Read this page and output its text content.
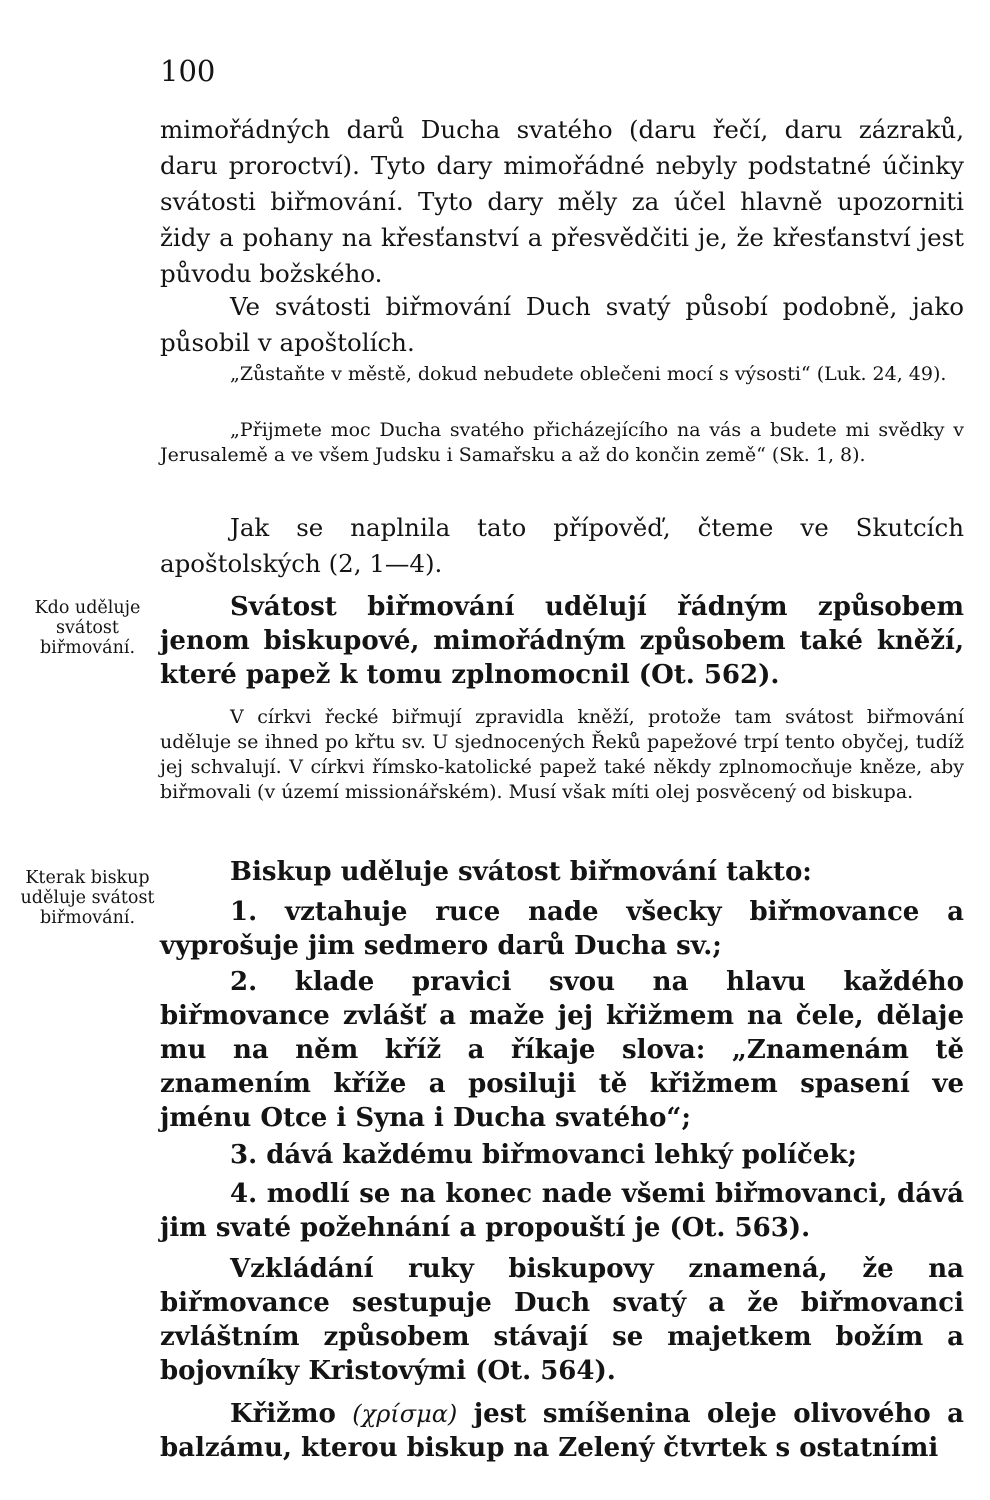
100

mimořádných darů Ducha svatého (daru řečí, daru zázraků, daru proroctví). Tyto dary mimořádné nebyly podstatné účinky svátosti biřmování. Tyto dary měly za účel hlavně upozorniti židy a pohany na křesťanství a přesvědčiti je, že křesťanství jest původu božského.

Ve svátosti biřmování Duch svatý působí podobně, jako působil v apoštolích.

„Zůstaňte v městě, dokud nebudete oblečeni mocí s výsosti“ (Luk. 24, 49).

„Přijmete moc Ducha svatého přicházejícího na vás a budete mi svědky v Jerusalemě a ve všem Judsku i Samařsku a až do končin země“ (Sk. 1, 8).

Jak se naplnila tato přípověď, čteme ve Skutcích apoštolských (2, 1—4).

Kdo uděluje svátost biřmování.

Svátost biřmování udělují řádným způsobem jenom biskupové, mimořádným způsobem také kněží, které papež k tomu zplnomocnil (Ot. 562).

V církvi řecké biřmují zpravidla kněží, protože tam svátost biřmování uděluje se ihned po křtu sv. U sjednocených Řeků papežové trpí tento obyčej, tudíž jej schvalují. V církvi římsko-katolické papež také někdy zplnomocňuje kněze, aby biřmovali (v území missionářském). Musí však míti olej posvěcený od biskupa.

Kterak biskup uděluje svátost biřmování.

Biskup uděluje svátost biřmování takto:

1. vztahuje ruce nade všecky biřmovance a vyprošuje jim sedmero darů Ducha sv.;

2. klade pravici svou na hlavu každého biřmovance zvlášť a maže jej křižmem na čele, dělaje mu na něm kříž a říkaje slova: „Znamenám tě znamením kříže a posiluji tě křižmem spasení ve jménu Otce i Syna i Ducha svatého“;

3. dává každému biřmovanci lehký políček;

4. modlí se na konec nade všemi biřmovanci, dává jim svaté požehnání a propouští je (Ot. 563).

Vzkládání ruky biskupovy znamená, že na biřmovance sestupuje Duch svatý a že biřmovanci zvláštním způsobem stávají se majetkem božím a bojovníky Kristovými (Ot. 564).

Křižmo (χρίσμα) jest smíšenina oleje olivového a balzámu, kterou biskup na Zelený čtvrtek s ostatními
